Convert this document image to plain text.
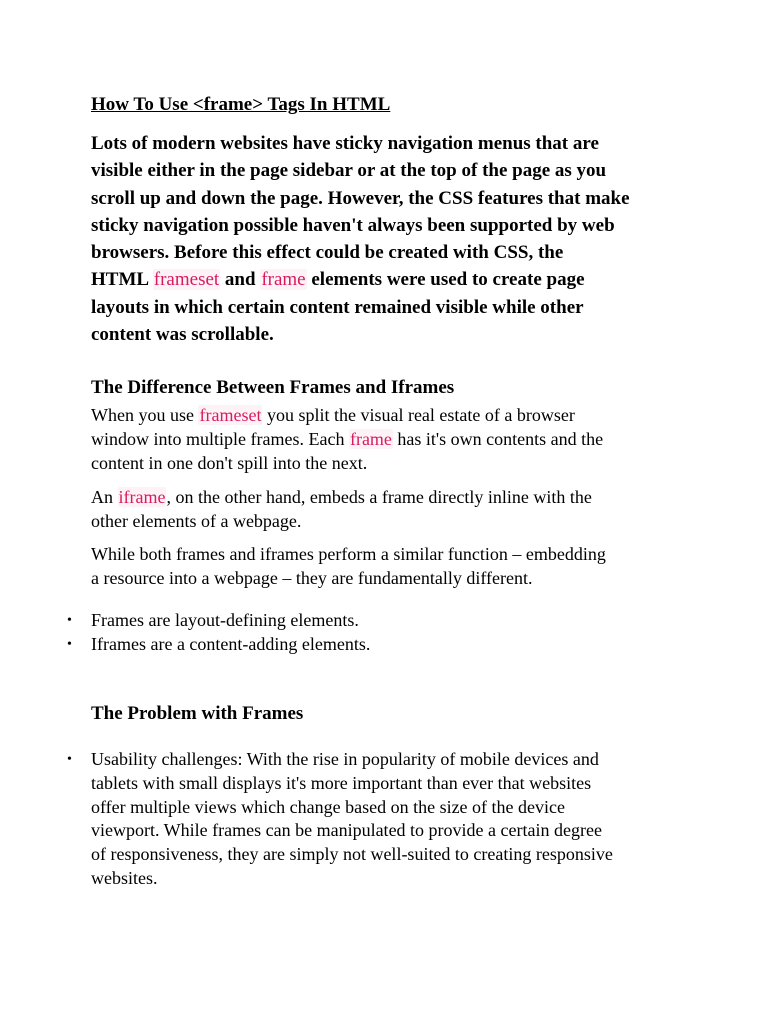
How To Use <frame> Tags In HTML

Lots of modern websites have sticky navigation menus that are
visible either in the page sidebar or at the top of the page as you
scroll up and down the page. However, the CSS features that make
sticky navigation possible haven't always been supported by web
browsers. Before this effect could be created with CSS, the
HTML frameset and frame elements were used to create page
layouts in which certain content remained visible while other
content was scrollable.

The Difference Between Frames and Iframes

When you use frameset you split the visual real estate of a browser
window into multiple frames. Each frame has it's own contents and the
content in one don't spill into the next.

An iframe, on the other hand, embeds a frame directly inline with the
other elements of a webpage.

While both frames and iframes perform a similar function – embedding
a resource into a webpage – they are fundamentally different.

• Frames are layout-defining elements.
• Iframes are a content-adding elements.
The Problem with Frames
• Usability challenges: With the rise in popularity of mobile devices and
tablets with small displays it's more important than ever that websites
offer multiple views which change based on the size of the device
viewport. While frames can be manipulated to provide a certain degree
of responsiveness, they are simply not well-suited to creating responsive
websites.
